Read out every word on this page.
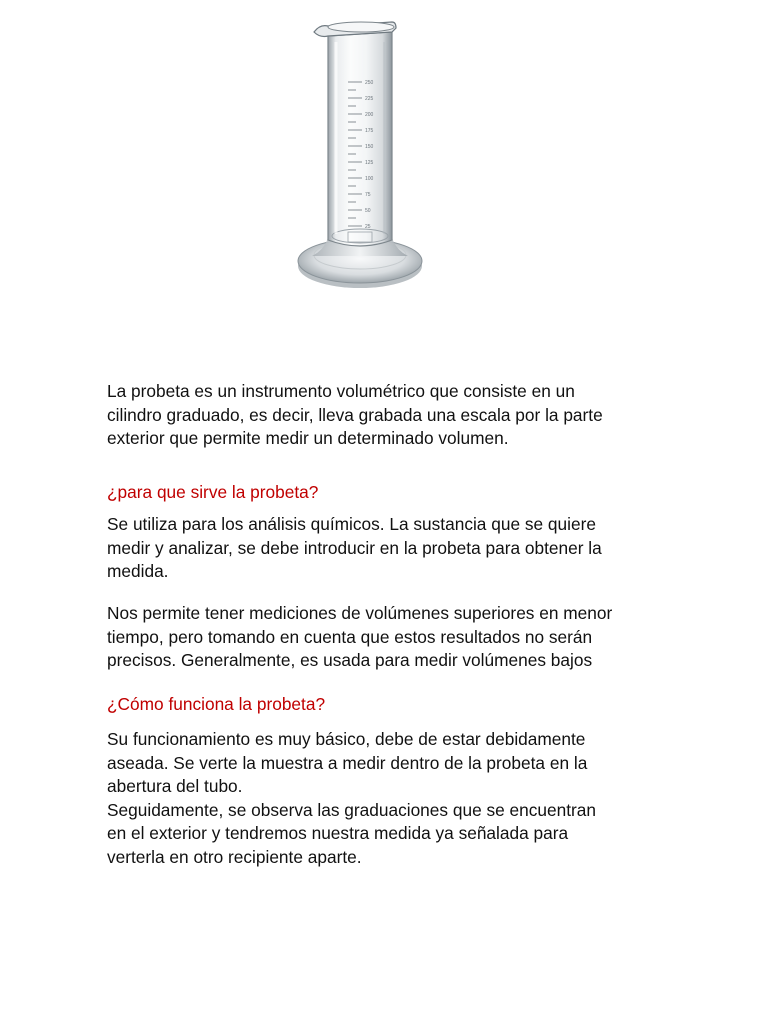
250
225
200
175
150
125
100
75
50
25

La probeta es un instrumento volumétrico que consiste en un
cilindro graduado, es decir, lleva grabada una escala por la parte
exterior que permite medir un determinado volumen.

¿para que sirve la probeta?

Se utiliza para los análisis químicos. La sustancia que se quiere
medir y analizar, se debe introducir en la probeta para obtener la
medida.

Nos permite tener mediciones de volúmenes superiores en menor
tiempo, pero tomando en cuenta que estos resultados no serán
precisos. Generalmente, es usada para medir volúmenes bajos

¿Cómo funciona la probeta?

Su funcionamiento es muy básico, debe de estar debidamente
aseada. Se verte la muestra a medir dentro de la probeta en la
abertura del tubo.
Seguidamente, se observa las graduaciones que se encuentran
en el exterior y tendremos nuestra medida ya señalada para
verterla en otro recipiente aparte.
